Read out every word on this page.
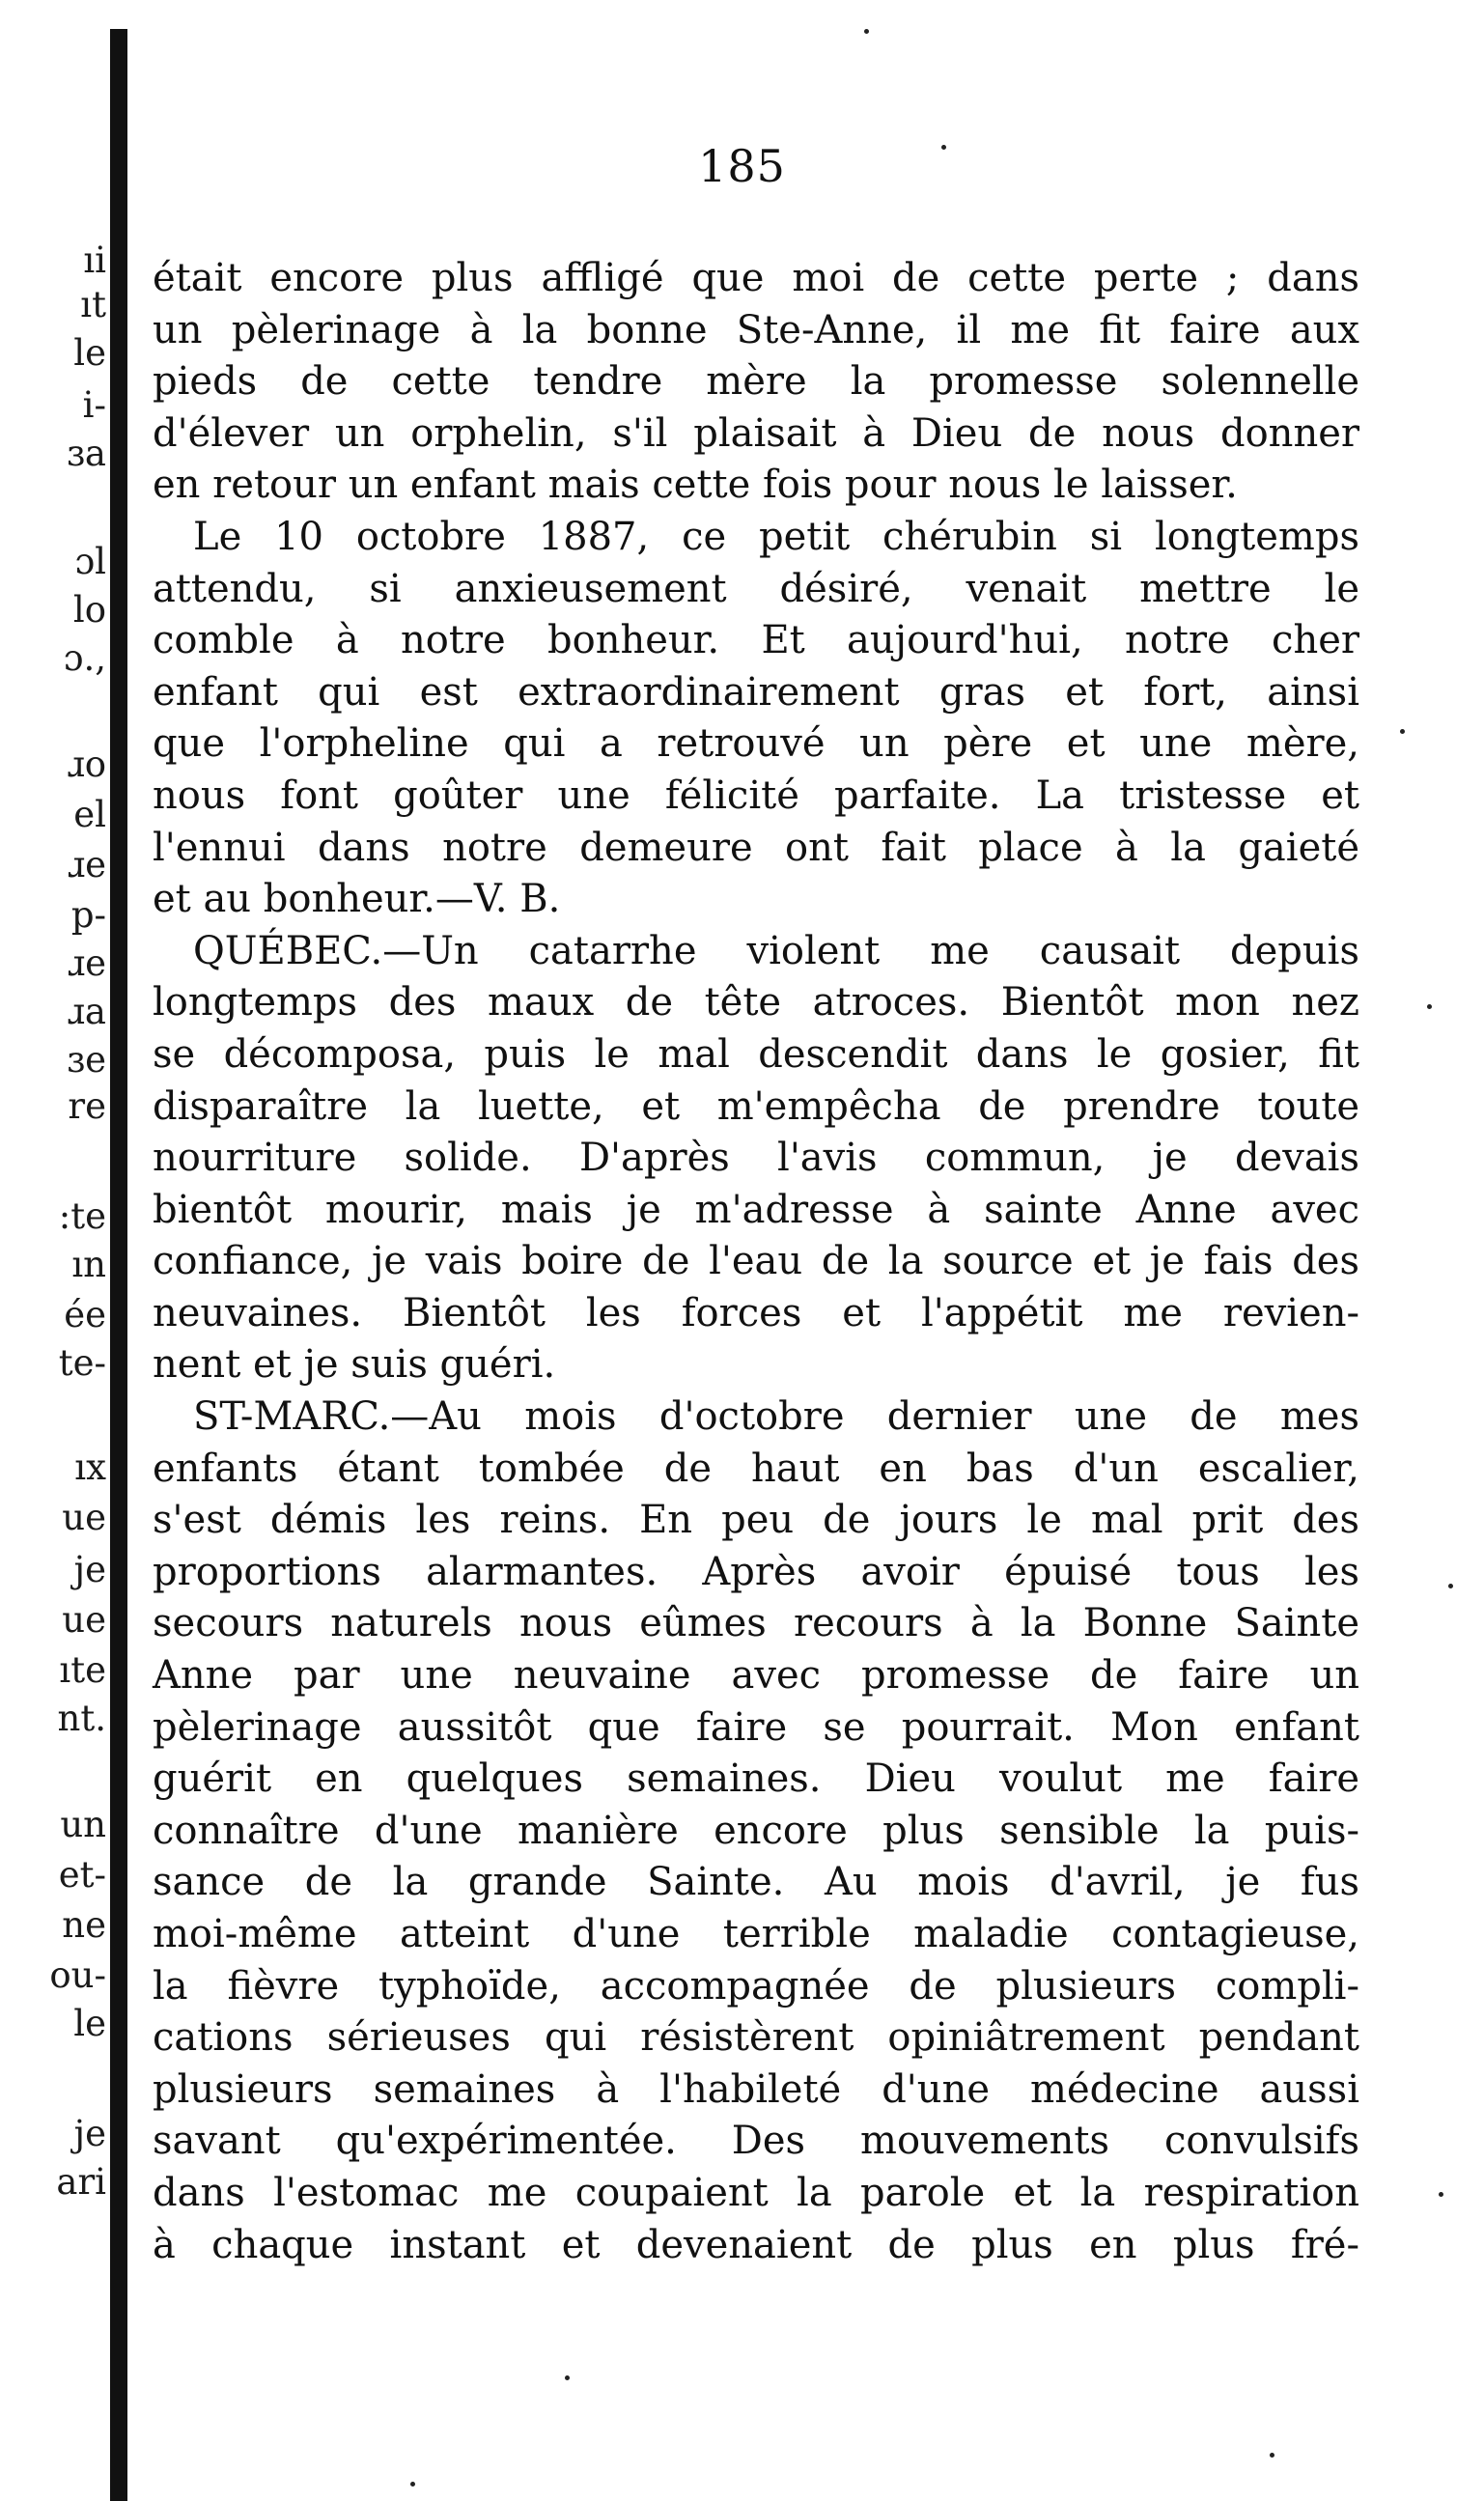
ıi
ıt
le
i-
ɜa
ɔl
lo
ɔ.,
ɹo
el
ɹe
p-
ɹe
ɹa
ɜe
re
:te
ın
ée
te-
ıx
ue
je
ue
ıte
nt.
un
et-
ne
ou-
le
je
ari
185
était encore plus affligé que moi de cette perte ; dans
un pèlerinage à la bonne Ste-Anne, il me fit faire aux
pieds de cette tendre mère la promesse solennelle
d'élever un orphelin, s'il plaisait à Dieu de nous donner
en retour un enfant mais cette fois pour nous le laisser.
Le 10 octobre 1887, ce petit chérubin si longtemps
attendu, si anxieusement désiré, venait mettre le
comble à notre bonheur. Et aujourd'hui, notre cher
enfant qui est extraordinairement gras et fort, ainsi
que l'orpheline qui a retrouvé un père et une mère,
nous font goûter une félicité parfaite. La tristesse et
l'ennui dans notre demeure ont fait place à la gaieté
et au bonheur.—V. B.
QUÉBEC.—Un catarrhe violent me causait depuis
longtemps des maux de tête atroces. Bientôt mon nez
se décomposa, puis le mal descendit dans le gosier, fit
disparaître la luette, et m'empêcha de prendre toute
nourriture solide. D'après l'avis commun, je devais
bientôt mourir, mais je m'adresse à sainte Anne avec
confiance, je vais boire de l'eau de la source et je fais des
neuvaines. Bientôt les forces et l'appétit me revien-
nent et je suis guéri.
ST-MARC.—Au mois d'octobre dernier une de mes
enfants étant tombée de haut en bas d'un escalier,
s'est démis les reins. En peu de jours le mal prit des
proportions alarmantes. Après avoir épuisé tous les
secours naturels nous eûmes recours à la Bonne Sainte
Anne par une neuvaine avec promesse de faire un
pèlerinage aussitôt que faire se pourrait. Mon enfant
guérit en quelques semaines. Dieu voulut me faire
connaître d'une manière encore plus sensible la puis-
sance de la grande Sainte. Au mois d'avril, je fus
moi-même atteint d'une terrible maladie contagieuse,
la fièvre typhoïde, accompagnée de plusieurs compli-
cations sérieuses qui résistèrent opiniâtrement pendant
plusieurs semaines à l'habileté d'une médecine aussi
savant qu'expérimentée. Des mouvements convulsifs
dans l'estomac me coupaient la parole et la respiration
à chaque instant et devenaient de plus en plus fré-
